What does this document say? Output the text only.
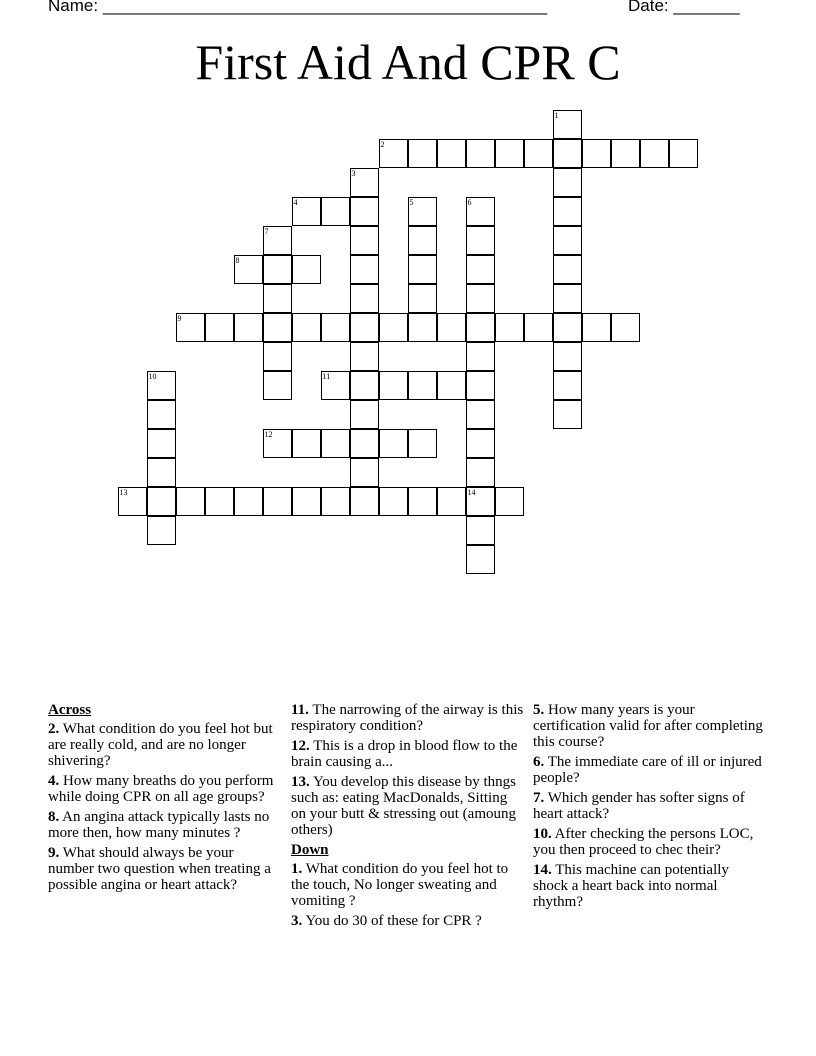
Name: _______________________________________________	Date: _______
First Aid And CPR C
1
2
3
4	5	6
7
8
9
10	11
12
13	14
Across
2. What condition do you feel hot but are really cold, and are no longer shivering?
4. How many breaths do you perform while doing CPR on all age groups?
8. An angina attack typically lasts no more then, how many minutes ?
9. What should always be your number two question when treating a possible angina or heart attack?
11. The narrowing of the airway is this respiratory condition?
12. This is a drop in blood flow to the brain causing a...
13. You develop this disease by thngs such as: eating MacDonalds, Sitting on your butt & stressing out (amoung others)
Down
1. What condition do you feel hot to the touch, No longer sweating and vomiting ?
3. You do 30 of these for CPR ?
5. How many years is your certification valid for after completing this course?
6. The immediate care of ill or injured people?
7. Which gender has softer signs of heart attack?
10. After checking the persons LOC, you then proceed to chec their?
14. This machine can potentially shock a heart back into normal rhythm?
